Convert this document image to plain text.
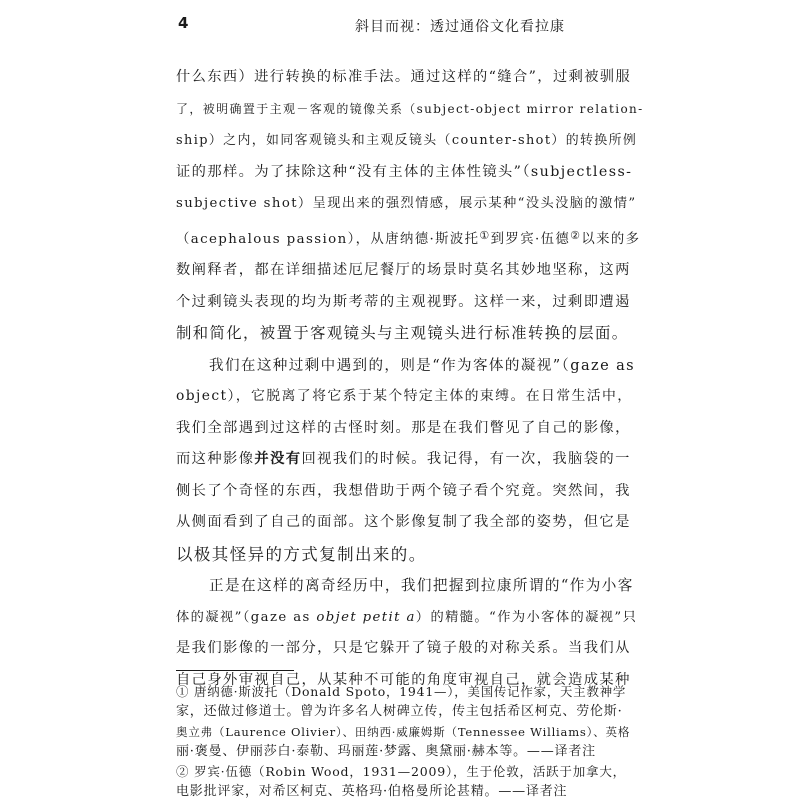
4	斜目而视：透过通俗文化看拉康

什么东西）进行转换的标准手法。通过这样的“缝合”，过剩被驯服
了，被明确置于主观－客观的镜像关系（subject-object mirror relation-
ship）之内，如同客观镜头和主观反镜头（counter-shot）的转换所例
证的那样。为了抹除这种“没有主体的主体性镜头”（subjectless-
subjective shot）呈现出来的强烈情感，展示某种“没头没脑的激情”
（acephalous passion），从唐纳德·斯波托①到罗宾·伍德②以来的多
数阐释者，都在详细描述厄尼餐厅的场景时莫名其妙地坚称，这两
个过剩镜头表现的均为斯考蒂的主观视野。这样一来，过剩即遭遏
制和简化，被置于客观镜头与主观镜头进行标准转换的层面。

我们在这种过剩中遇到的，则是“作为客体的凝视”（gaze as
object），它脱离了将它系于某个特定主体的束缚。在日常生活中，
我们全部遇到过这样的古怪时刻。那是在我们瞥见了自己的影像，
而这种影像并没有回视我们的时候。我记得，有一次，我脑袋的一
侧长了个奇怪的东西，我想借助于两个镜子看个究竟。突然间，我
从侧面看到了自己的面部。这个影像复制了我全部的姿势，但它是
以极其怪异的方式复制出来的。

正是在这样的离奇经历中，我们把握到拉康所谓的“作为小客
体的凝视”（gaze as objet petit a）的精髓。“作为小客体的凝视”只
是我们影像的一部分，只是它躲开了镜子般的对称关系。当我们从
自己身外审视自己，从某种不可能的角度审视自己，就会造成某种

① 唐纳德·斯波托（Donald Spoto，1941—），美国传记作家，天主教神学
家，还做过修道士。曾为许多名人树碑立传，传主包括希区柯克、劳伦斯·
奥立弗（Laurence Olivier）、田纳西·威廉姆斯（Tennessee Williams）、英格
丽·褒曼、伊丽莎白·泰勒、玛丽莲·梦露、奥黛丽·赫本等。——译者注

② 罗宾·伍德（Robin Wood，1931—2009），生于伦敦，活跃于加拿大，
电影批评家，对希区柯克、英格玛·伯格曼所论甚精。——译者注
